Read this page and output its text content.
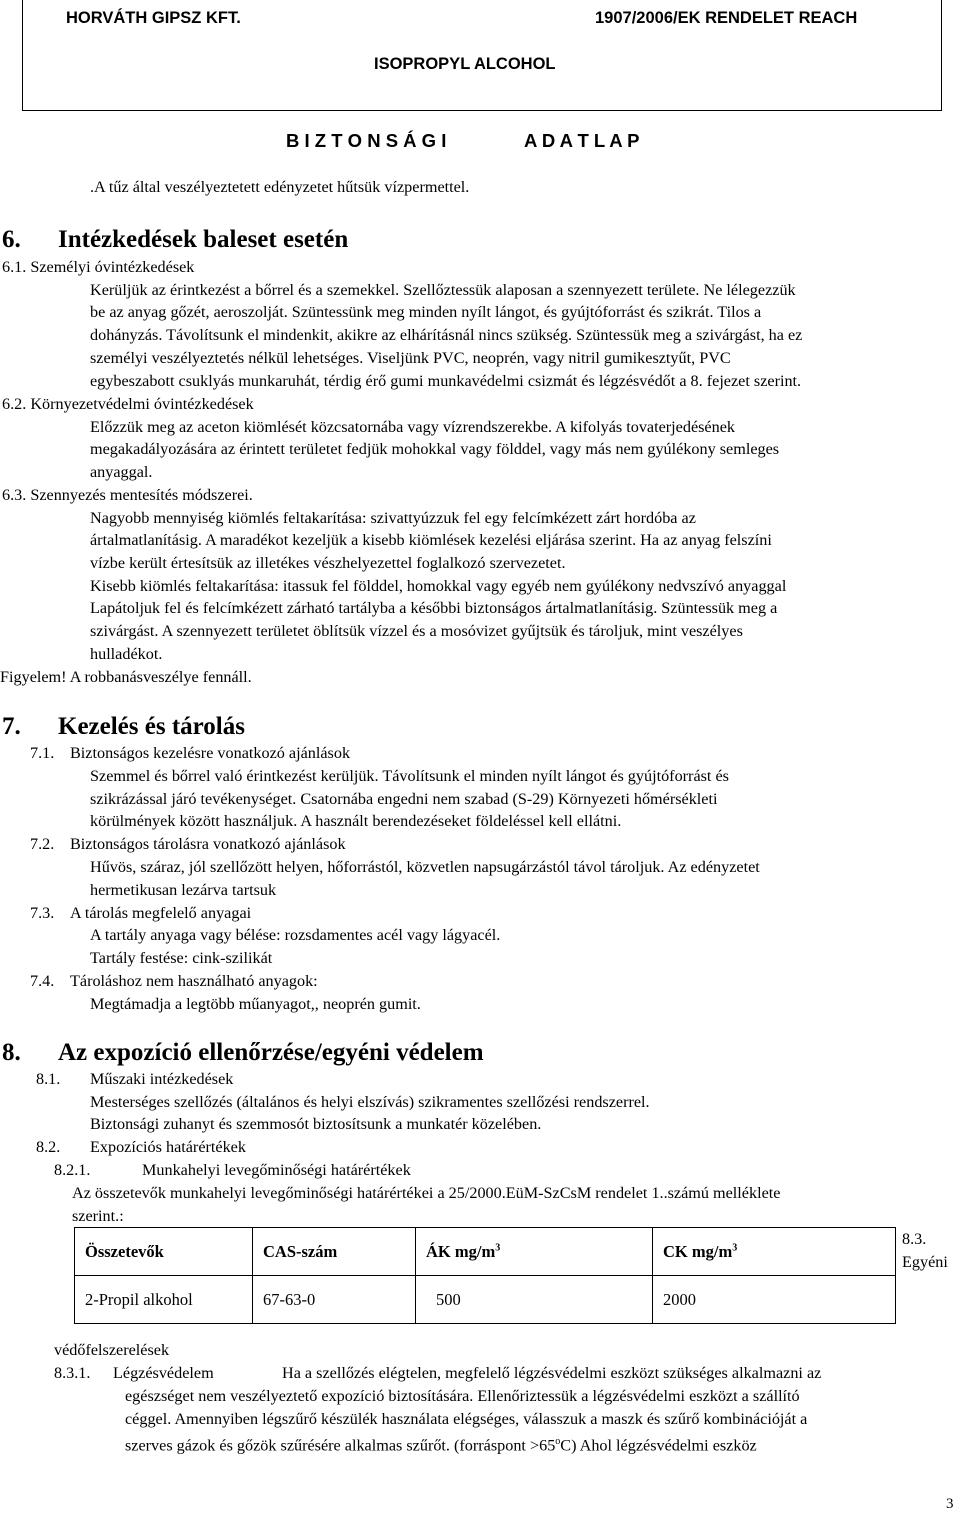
HORVÁTH GIPSZ KFT.	1907/2006/EK RENDELET REACH
ISOPROPYL ALCOHOL
B I Z T O N S Á G I	A D A T L A P
.A tűz által veszélyeztetett edényzetet hűtsük vízpermettel.
6. Intézkedések baleset esetén
6.1. Személyi óvintézkedések
Kerüljük az érintkezést a bőrrel és a szemekkel. Szellőztessük alaposan a szennyezett területe. Ne lélegezzük
be az anyag gőzét, aeroszolját. Szüntessünk meg minden nyílt lángot, és gyújtóforrást és szikrát. Tilos a
dohányzás. Távolítsunk el mindenkit, akikre az elhárításnál nincs szükség. Szüntessük meg a szivárgást, ha ez
személyi veszélyeztetés nélkül lehetséges. Viseljünk PVC, neoprén, vagy nitril gumikesztyűt, PVC
egybeszabott csuklyás munkaruhát, térdig érő gumi munkavédelmi csizmát és légzésvédőt a 8. fejezet szerint.
6.2. Környezetvédelmi óvintézkedések
Előzzük meg az aceton kiömlését közcsatornába vagy vízrendszerekbe. A kifolyás tovaterjedésének
megakadályozására az érintett területet fedjük mohokkal vagy földdel, vagy más nem gyúlékony semleges
anyaggal.
6.3. Szennyezés mentesítés módszerei.
Nagyobb mennyiség kiömlés feltakarítása: szivattyúzzuk fel egy felcímkézett zárt hordóba az
ártalmatlanításig. A maradékot kezeljük a kisebb kiömlések kezelési eljárása szerint. Ha az anyag felszíni
vízbe került értesítsük az illetékes vészhelyezettel foglalkozó szervezetet.
Kisebb kiömlés feltakarítása: itassuk fel földdel, homokkal vagy egyéb nem gyúlékony nedvszívó anyaggal
Lapátoljuk fel és felcímkézett zárható tartályba a későbbi biztonságos ártalmatlanításig. Szüntessük meg a
szivárgást. A szennyezett területet öblítsük vízzel és a mosóvizet gyűjtsük és tároljuk, mint veszélyes
hulladékot.
Figyelem! A robbanásveszélye fennáll.
7. Kezelés és tárolás
7.1. Biztonságos kezelésre vonatkozó ajánlások
Szemmel és bőrrel való érintkezést kerüljük. Távolítsunk el minden nyílt lángot és gyújtóforrást és
szikrázással járó tevékenységet. Csatornába engedni nem szabad (S-29) Környezeti hőmérsékleti
körülmények között használjuk. A használt berendezéseket földeléssel kell ellátni.
7.2. Biztonságos tárolásra vonatkozó ajánlások
Hűvös, száraz, jól szellőzött helyen, hőforrástól, közvetlen napsugárzástól távol tároljuk. Az edényzetet
hermetikusan lezárva tartsuk
7.3. A tárolás megfelelő anyagai
A tartály anyaga vagy bélése: rozsdamentes acél vagy lágyacél.
Tartály festése: cink-szilikát
7.4. Tároláshoz nem használható anyagok:
Megtámadja a legtöbb műanyagot,, neoprén gumit.
8. Az expozíció ellenőrzése/egyéni védelem
8.1. Műszaki intézkedések
Mesterséges szellőzés (általános és helyi elszívás) szikramentes szellőzési rendszerrel.
Biztonsági zuhanyt és szemmosót biztosítsunk a munkatér közelében.
8.2. Expozíciós határértékek
8.2.1.	Munkahelyi levegőminőségi határértékek
Az összetevők munkahelyi levegőminőségi határértékei a 25/2000.EüM-SzCsM rendelet 1..számú melléklete
szerint.:
Összetevők	CAS-szám	ÁK $mg/m^3$	CK $mg/m^3$
2-Propil alkohol	67-63-0	500	2000
8.3.
Egyéni
védőfelszerelések
8.3.1. Légzésvédelem	Ha a szellőzés elégtelen, megfelelő légzésvédelmi eszközt szükséges alkalmazni az
egészséget nem veszélyeztető expozíció biztosítására. Ellenőriztessük a légzésvédelmi eszközt a szállító
céggel. Amennyiben légszűrő készülék használata elégséges, válasszuk a maszk és szűrő kombinációját a
szerves gázok és gőzök szűrésére alkalmas szűrőt. (forráspont $>65^oC$) Ahol légzésvédelmi eszköz
3
